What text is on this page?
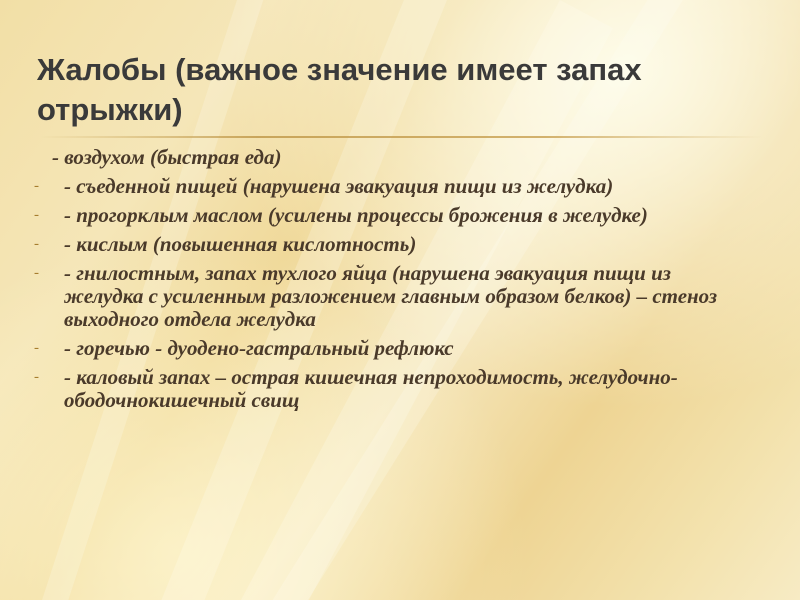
Жалобы (важное значение имеет запах отрыжки)

- воздухом (быстрая еда)

- - съеденной пищей (нарушена эвакуация пищи из желудка)

- - прогорклым маслом (усилены процессы брожения в желудке)

- - кислым (повышенная кислотность)

- - гнилостным, запах тухлого яйца (нарушена эвакуация пищи из желудка с усиленным разложением главным образом белков) – стеноз выходного отдела желудка

- - горечью - дуодено-гастральный рефлюкс

- - каловый запах – острая кишечная непроходимость, желудочно-ободочнокишечный свищ
